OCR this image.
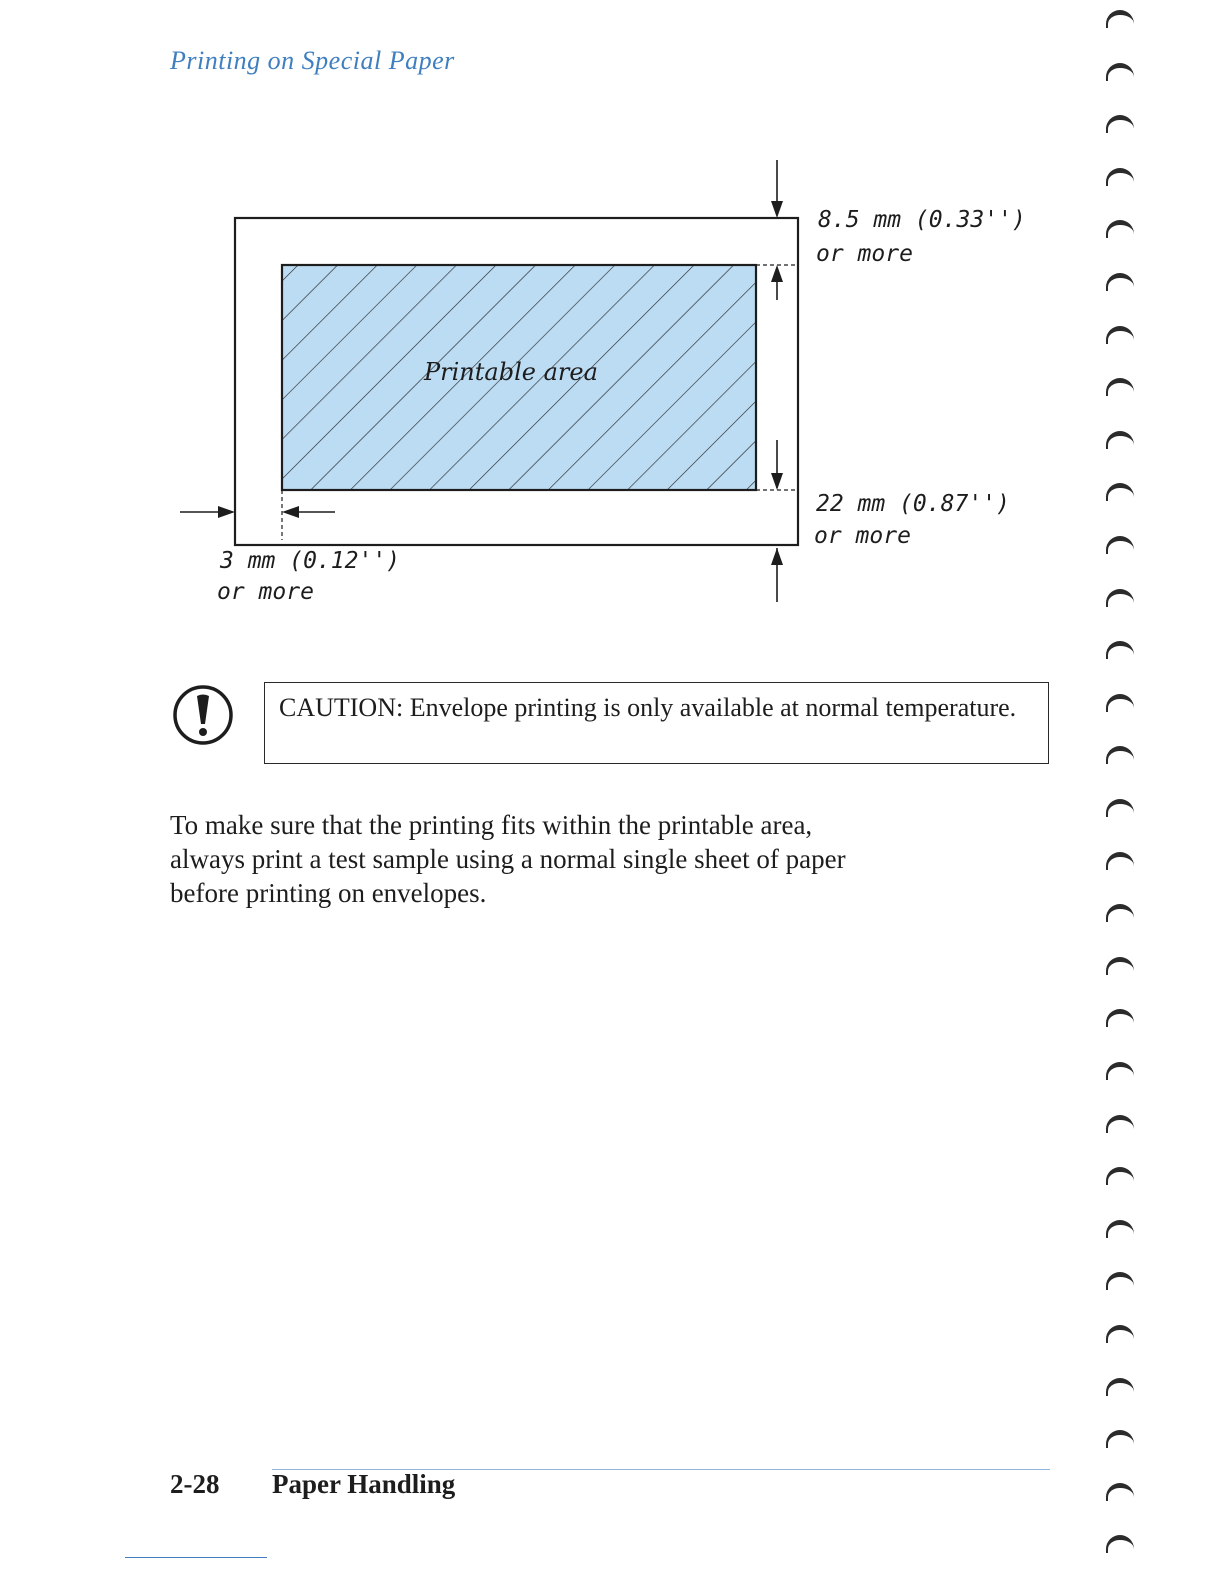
Printing on Special Paper
Printable area
8.5 mm (0.33'')
or more
22 mm (0.87'')
or more
3 mm (0.12'')
or more
CAUTION: Envelope printing is only available at normal temperature.
To make sure that the printing fits within the printable area,
always print a test sample using a normal single sheet of paper
before printing on envelopes.
2-28 Paper Handling
